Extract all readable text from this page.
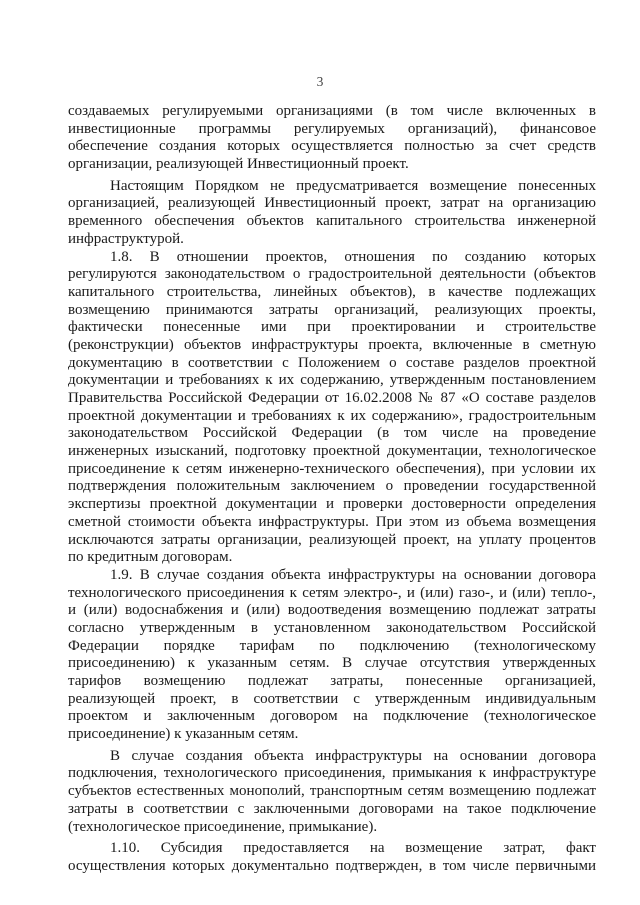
3
создаваемых регулируемыми организациями (в том числе включенных в
инвестиционные программы регулируемых организаций), финансовое
обеспечение создания которых осуществляется полностью за счет средств
организации, реализующей Инвестиционный проект.
Настоящим Порядком не предусматривается возмещение понесенных
организацией, реализующей Инвестиционный проект, затрат на организацию
временного обеспечения объектов капитального строительства инженерной
инфраструктурой.
1.8. В отношении проектов, отношения по созданию которых
регулируются законодательством о градостроительной деятельности (объектов
капитального строительства, линейных объектов), в качестве подлежащих
возмещению принимаются затраты организаций, реализующих проекты,
фактически понесенные ими при проектировании и строительстве
(реконструкции) объектов инфраструктуры проекта, включенные в сметную
документацию в соответствии с Положением о составе разделов проектной
документации и требованиях к их содержанию, утвержденным постановлением
Правительства Российской Федерации от 16.02.2008 № 87 «О составе разделов
проектной документации и требованиях к их содержанию», градостроительным
законодательством Российской Федерации (в том числе на проведение
инженерных изысканий, подготовку проектной документации, технологическое
присоединение к сетям инженерно-технического обеспечения), при условии их
подтверждения положительным заключением о проведении государственной
экспертизы проектной документации и проверки достоверности определения
сметной стоимости объекта инфраструктуры. При этом из объема возмещения
исключаются затраты организации, реализующей проект, на уплату процентов
по кредитным договорам.
1.9. В случае создания объекта инфраструктуры на основании договора
технологического присоединения к сетям электро-, и (или) газо-, и (или) тепло-,
и (или) водоснабжения и (или) водоотведения возмещению подлежат затраты
согласно утвержденным в установленном законодательством Российской
Федерации порядке тарифам по подключению (технологическому
присоединению) к указанным сетям. В случае отсутствия утвержденных
тарифов возмещению подлежат затраты, понесенные организацией,
реализующей проект, в соответствии с утвержденным индивидуальным
проектом и заключенным договором на подключение (технологическое
присоединение) к указанным сетям.
В случае создания объекта инфраструктуры на основании договора
подключения, технологического присоединения, примыкания к инфраструктуре
субъектов естественных монополий, транспортным сетям возмещению подлежат
затраты в соответствии с заключенными договорами на такое подключение
(технологическое присоединение, примыкание).
1.10. Субсидия предоставляется на возмещение затрат, факт
осуществления которых документально подтвержден, в том числе первичными
